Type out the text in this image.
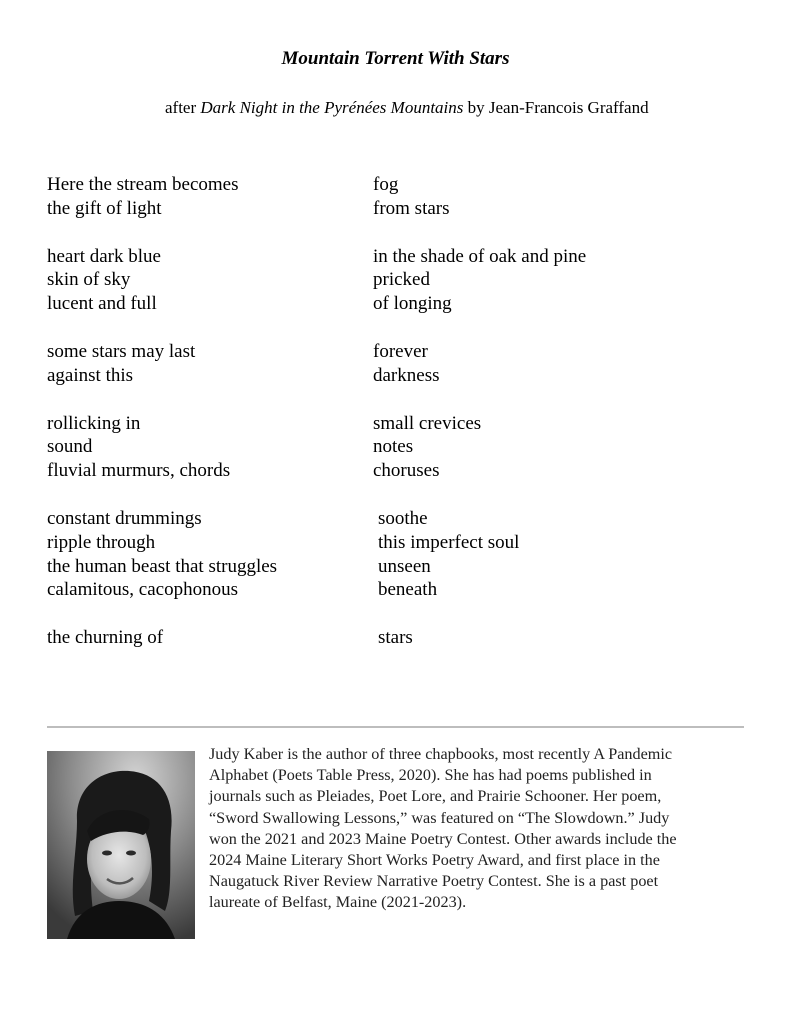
Mountain Torrent With Stars
after Dark Night in the Pyrénées Mountains by Jean-Francois Graffand
Here the stream becomes	fog
the gift of light	from stars
heart dark blue	in the shade of oak and pine
skin of sky	pricked
lucent and full	of longing
some stars may last	forever
against this	darkness
rollicking in	small crevices
sound	notes
fluvial murmurs, chords	choruses
constant drummings	soothe
ripple through	this imperfect soul
the human beast that struggles	unseen
calamitous, cacophonous	beneath
the churning of	stars
Judy Kaber is the author of three chapbooks, most recently A Pandemic
Alphabet (Poets Table Press, 2020). She has had poems published in
journals such as Pleiades, Poet Lore, and Prairie Schooner. Her poem,
“Sword Swallowing Lessons,” was featured on “The Slowdown.” Judy
won the 2021 and 2023 Maine Poetry Contest. Other awards include the
2024 Maine Literary Short Works Poetry Award, and first place in the
Naugatuck River Review Narrative Poetry Contest. She is a past poet
laureate of Belfast, Maine (2021-2023).
